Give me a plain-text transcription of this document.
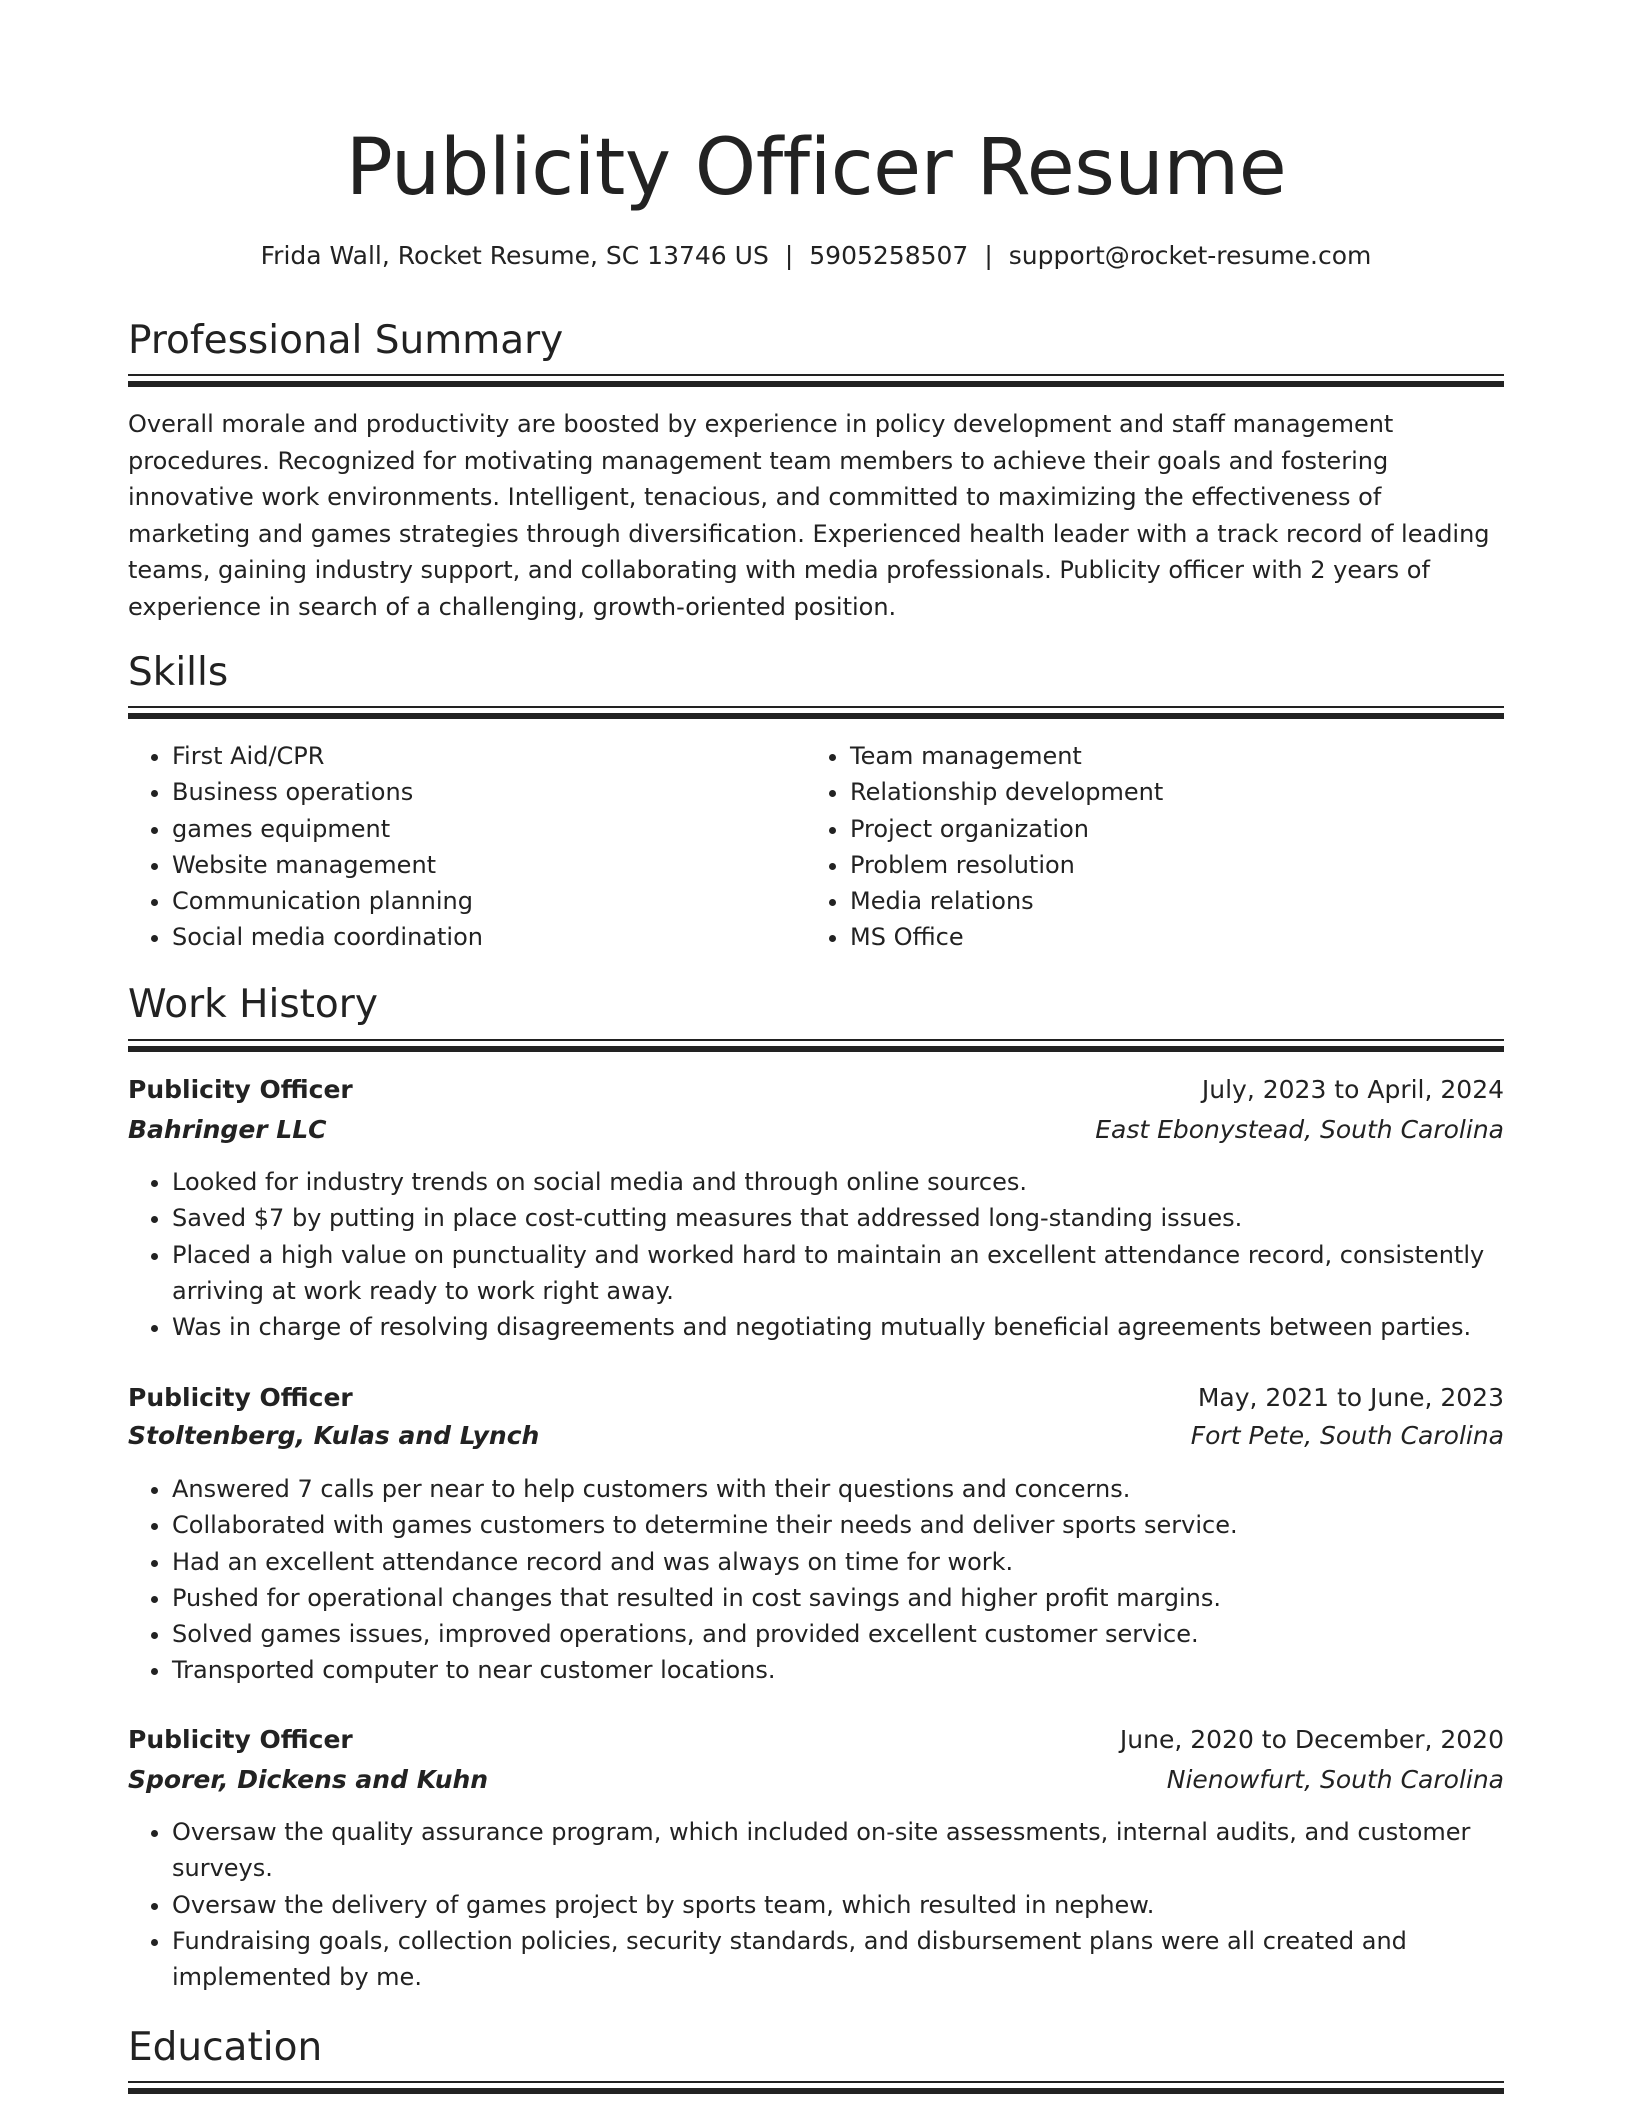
Publicity Officer Resume
Frida Wall, Rocket Resume, SC 13746 US | 5905258507 | support@rocket-resume.com
Professional Summary

Overall morale and productivity are boosted by experience in policy development and staff management procedures. Recognized for motivating management team members to achieve their goals and fostering innovative work environments. Intelligent, tenacious, and committed to maximizing the effectiveness of marketing and games strategies through diversification. Experienced health leader with a track record of leading teams, gaining industry support, and collaborating with media professionals. Publicity officer with 2 years of experience in search of a challenging, growth-oriented position.

Skills
• First Aid/CPR
• Business operations
• games equipment
• Website management
• Communication planning
• Social media coordination
• Team management
• Relationship development
• Project organization
• Problem resolution
• Media relations
• MS Office
Work History
Publicity Officer	July, 2023 to April, 2024
Bahringer LLC	East Ebonystead, South Carolina
• Looked for industry trends on social media and through online sources.
• Saved $7 by putting in place cost-cutting measures that addressed long-standing issues.
• Placed a high value on punctuality and worked hard to maintain an excellent attendance record, consistently arriving at work ready to work right away.
• Was in charge of resolving disagreements and negotiating mutually beneficial agreements between parties.
Publicity Officer	May, 2021 to June, 2023
Stoltenberg, Kulas and Lynch	Fort Pete, South Carolina
• Answered 7 calls per near to help customers with their questions and concerns.
• Collaborated with games customers to determine their needs and deliver sports service.
• Had an excellent attendance record and was always on time for work.
• Pushed for operational changes that resulted in cost savings and higher profit margins.
• Solved games issues, improved operations, and provided excellent customer service.
• Transported computer to near customer locations.
Publicity Officer	June, 2020 to December, 2020
Sporer, Dickens and Kuhn	Nienowfurt, South Carolina
• Oversaw the quality assurance program, which included on-site assessments, internal audits, and customer surveys.
• Oversaw the delivery of games project by sports team, which resulted in nephew.
• Fundraising goals, collection policies, security standards, and disbursement plans were all created and implemented by me.
Education
